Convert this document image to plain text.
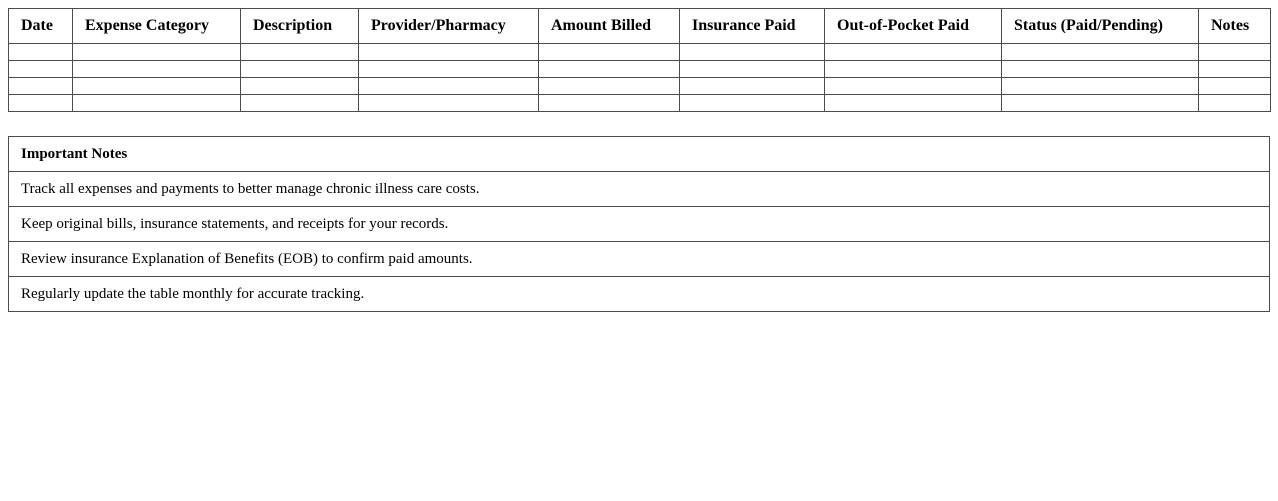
Date	Expense Category	Description	Provider/Pharmacy	Amount Billed	Insurance Paid	Out-of-Pocket Paid	Status (Paid/Pending)	Notes

Important Notes
Track all expenses and payments to better manage chronic illness care costs.
Keep original bills, insurance statements, and receipts for your records.
Review insurance Explanation of Benefits (EOB) to confirm paid amounts.
Regularly update the table monthly for accurate tracking.
